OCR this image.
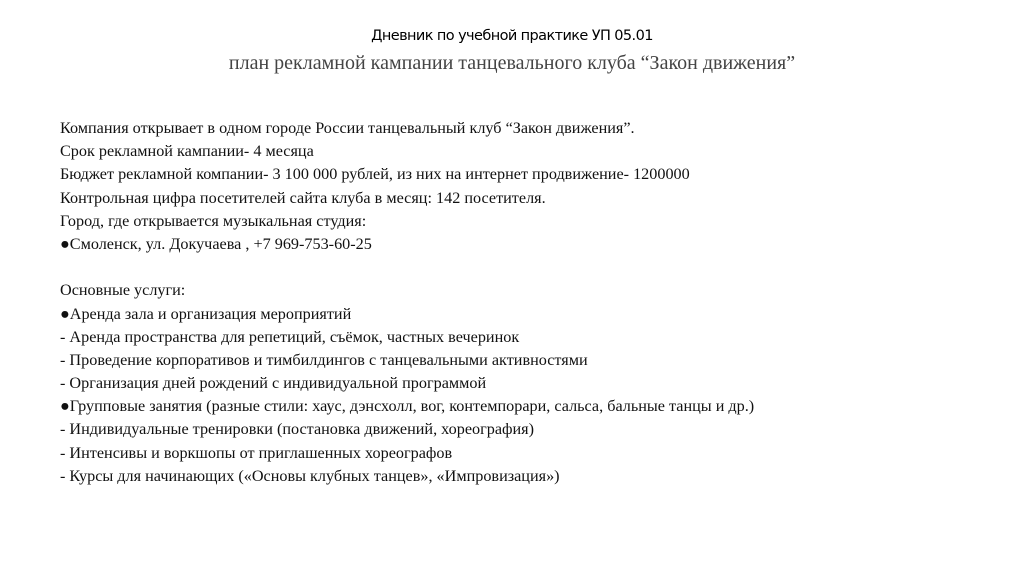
Дневник по учебной практике УП 05.01
план рекламной кампании танцевального клуба “Закон движения”
Компания открывает в одном городе России танцевальный клуб “Закон движения”.
Срок рекламной кампании- 4 месяца
Бюджет рекламной компании- 3 100 000 рублей, из них на интернет продвижение- 1200000
Контрольная цифра посетителей сайта клуба в месяц: 142 посетителя.
Город, где открывается музыкальная студия:
●Смоленск, ул. Докучаева , +7 969-753-60-25
Основные услуги:
●Аренда зала и организация мероприятий
- Аренда пространства для репетиций, съёмок, частных вечеринок
- Проведение корпоративов и тимбилдингов с танцевальными активностями
- Организация дней рождений с индивидуальной программой
●Групповые занятия (разные стили: хаус, дэнсхолл, вог, контемпорари, сальса, бальные танцы и др.)
- Индивидуальные тренировки (постановка движений, хореография)
- Интенсивы и воркшопы от приглашенных хореографов
- Курсы для начинающих («Основы клубных танцев», «Импровизация»)
